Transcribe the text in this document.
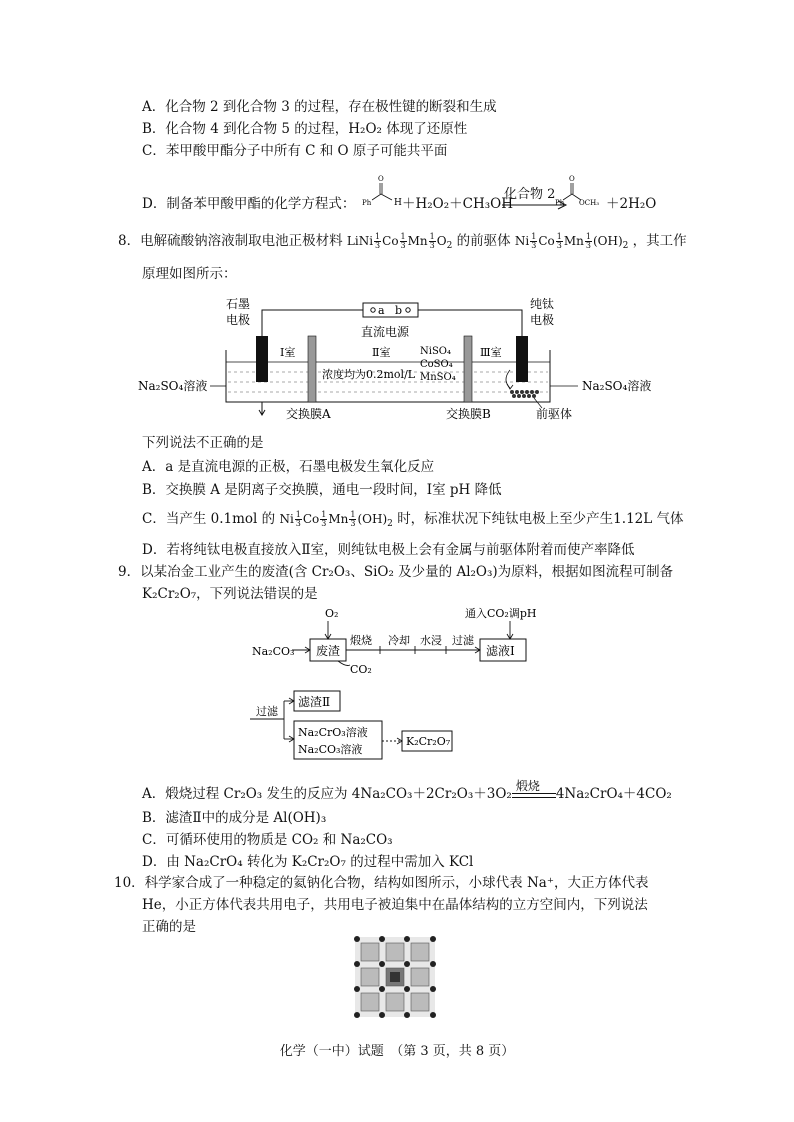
A．化合物 2 到化合物 3 的过程，存在极性键的断裂和生成
B．化合物 4 到化合物 5 的过程，H₂O₂ 体现了还原性
C．苯甲酸甲酯分子中所有 C 和 O 原子可能共平面
D．制备苯甲酸甲酯的化学方程式：
O
Ph	H ＋H₂O₂＋CH₃OH
化合物 2
O
Ph OCH₃ ＋2H₂O
8．电解硫酸钠溶液制取电池正极材料 LiNi $\frac{1}{3}$ Co $\frac{1}{3}$ Mn $\frac{1}{3} O_2$ 的前驱体 Ni $\frac{1}{3}$ Co $\frac{1}{3}$ Mn $\frac{1}{3} (OH)_2$ ，其工作
原理如图所示：
石墨
电极
纯钛
电极
直流电源
a b
Ⅰ室	Ⅱ室	Ⅲ室
NiSO₄
CoSO₄
MnSO₄
浓度均为0.2mol/L
Na₂SO₄溶液	Na₂SO₄溶液
交换膜A	交换膜B	前驱体
下列说法不正确的是
A．a 是直流电源的正极，石墨电极发生氧化反应
B．交换膜 A 是阴离子交换膜，通电一段时间，Ⅰ室 pH 降低
C．当产生 0.1mol 的 Ni $\frac{1}{3}$ Co $\frac{1}{3}$ Mn $\frac{1}{3} (OH)_2$ 时，标准状况下纯钛电极上至少产生1.12L 气体
D．若将纯钛电极直接放入Ⅱ室，则纯钛电极上会有金属与前驱体附着而使产率降低
9．以某冶金工业产生的废渣(含 Cr₂O₃、SiO₂ 及少量的 Al₂O₃)为原料，根据如图流程可制备
K₂Cr₂O₇，下列说法错误的是
O₂	通入CO₂调pH
Na₂CO₃
煅烧 冷却 水浸 过滤
CO₂
过滤
废渣	滤液Ⅰ
滤渣Ⅱ
Na₂CrO₃溶液
Na₂CO₃溶液
K₂Cr₂O₇
A．煅烧过程 Cr₂O₃ 发生的反应为 4Na₂CO₃＋2Cr₂O₃＋3O₂ 煅烧 4Na₂CrO₄＋4CO₂
B．滤渣Ⅱ中的成分是 Al(OH)₃
C．可循环使用的物质是 CO₂ 和 Na₂CO₃
D．由 Na₂CrO₄ 转化为 K₂Cr₂O₇ 的过程中需加入 KCl
10．科学家合成了一种稳定的氦钠化合物，结构如图所示，小球代表 Na⁺，大正方体代表
He，小正方体代表共用电子，共用电子被迫集中在晶体结构的立方空间内，下列说法
正确的是
化学（一中）试题　（第 3 页，共 8 页）
